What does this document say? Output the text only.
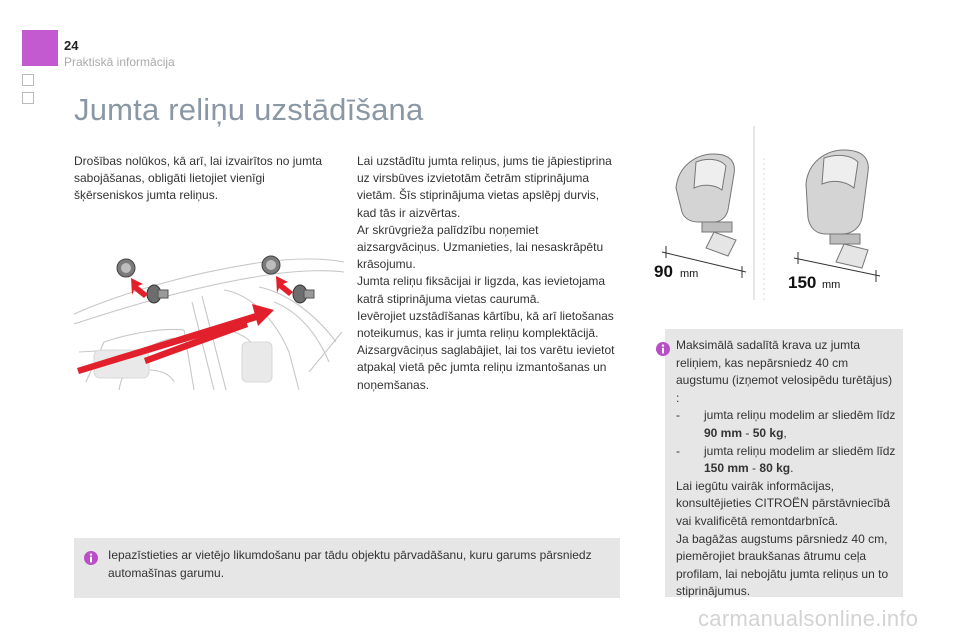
24
Praktiskā informācija
Jumta reliņu uzstādīšana
Drošības nolūkos, kā arī, lai izvairītos no jumta sabojāšanas, obligāti lietojiet vienīgi šķērseniskos jumta reliņus.

Lai uzstādītu jumta reliņus, jums tie jāpiestiprina uz virsbūves izvietotām četrām stiprinājuma vietām. Šīs stiprinājuma vietas apslēpj durvis, kad tās ir aizvērtas.

Ar skrūvgrieža palīdzību noņemiet aizsargvāciņus. Uzmanieties, lai nesaskrāpētu krāsojumu.

Jumta reliņu fiksācijai ir ligzda, kas ievietojama katrā stiprinājuma vietas caurumā.

Ievērojiet uzstādīšanas kārtību, kā arī lietošanas noteikumus, kas ir jumta reliņu komplektācijā.

Aizsargvāciņus saglabājiet, lai tos varētu ievietot atpakaļ vietā pēc jumta reliņu izmantošanas un noņemšanas.

90 mm	150 mm

Maksimālā sadalītā krava uz jumta reliņiem, kas nepārsniedz 40 cm augstumu (izņemot velosipēdu turētājus) :

- jumta reliņu modelim ar sliedēm līdz 90 mm - 50 kg,

- jumta reliņu modelim ar sliedēm līdz 150 mm - 80 kg.

Lai iegūtu vairāk informācijas, konsultējieties CITROËN pārstāvniecībā vai kvalificētā remontdarbnīcā.

Ja bagāžas augstums pārsniedz 40 cm, piemērojiet braukšanas ātrumu ceļa profilam, lai nebojātu jumta reliņus un to stiprinājumus.

Iepazīstieties ar vietējo likumdošanu par tādu objektu pārvadāšanu, kuru garums pārsniedz automašīnas garumu.
carmanualsonline.info
